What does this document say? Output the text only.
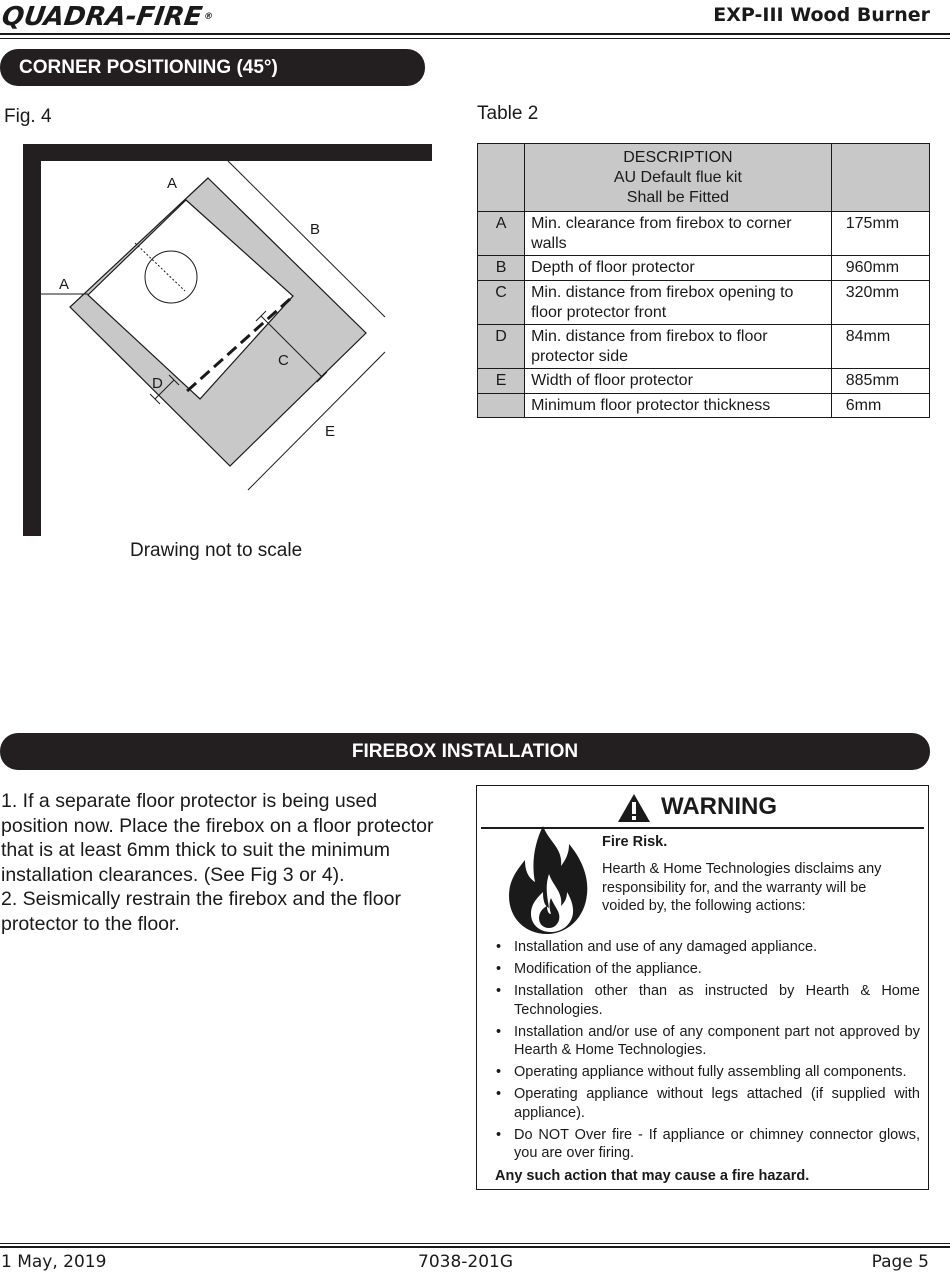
QUADRA-FIRE®	EXP-III Wood Burner
CORNER POSITIONING (45°)
Fig. 4
A
A
B
C
D
E
Drawing not to scale
Table 2

	DESCRIPTION
AU Default flue kit
Shall be Fitted	

A	Min. clearance from firebox to corner walls	175mm
B	Depth of floor protector	960mm
C	Min. distance from firebox opening to floor protector front	320mm
D	Min. distance from firebox to floor protector side	84mm
E	Width of floor protector	885mm
	Minimum floor protector thickness	6mm
FIREBOX INSTALLATION

1. If a separate floor protector is being used position now. Place the firebox on a floor protector that is at least 6mm thick to suit the minimum installation clearances. (See Fig 3 or 4).

2. Seismically restrain the firebox and the floor protector to the floor.

WARNING
Fire Risk.
Hearth & Home Technologies disclaims any responsibility for, and the warranty will be voided by, the following actions:
• Installation and use of any damaged appliance.
• Modification of the appliance.
• Installation other than as instructed by Hearth & Home Technologies.
• Installation and/or use of any component part not approved by Hearth & Home Technologies.
• Operating appliance without fully assembling all components.
• Operating appliance without legs attached (if supplied with appliance).
• Do NOT Over fire - If appliance or chimney connector glows, you are over firing.
Any such action that may cause a fire hazard.
1 May, 2019	7038-201G	Page 5
